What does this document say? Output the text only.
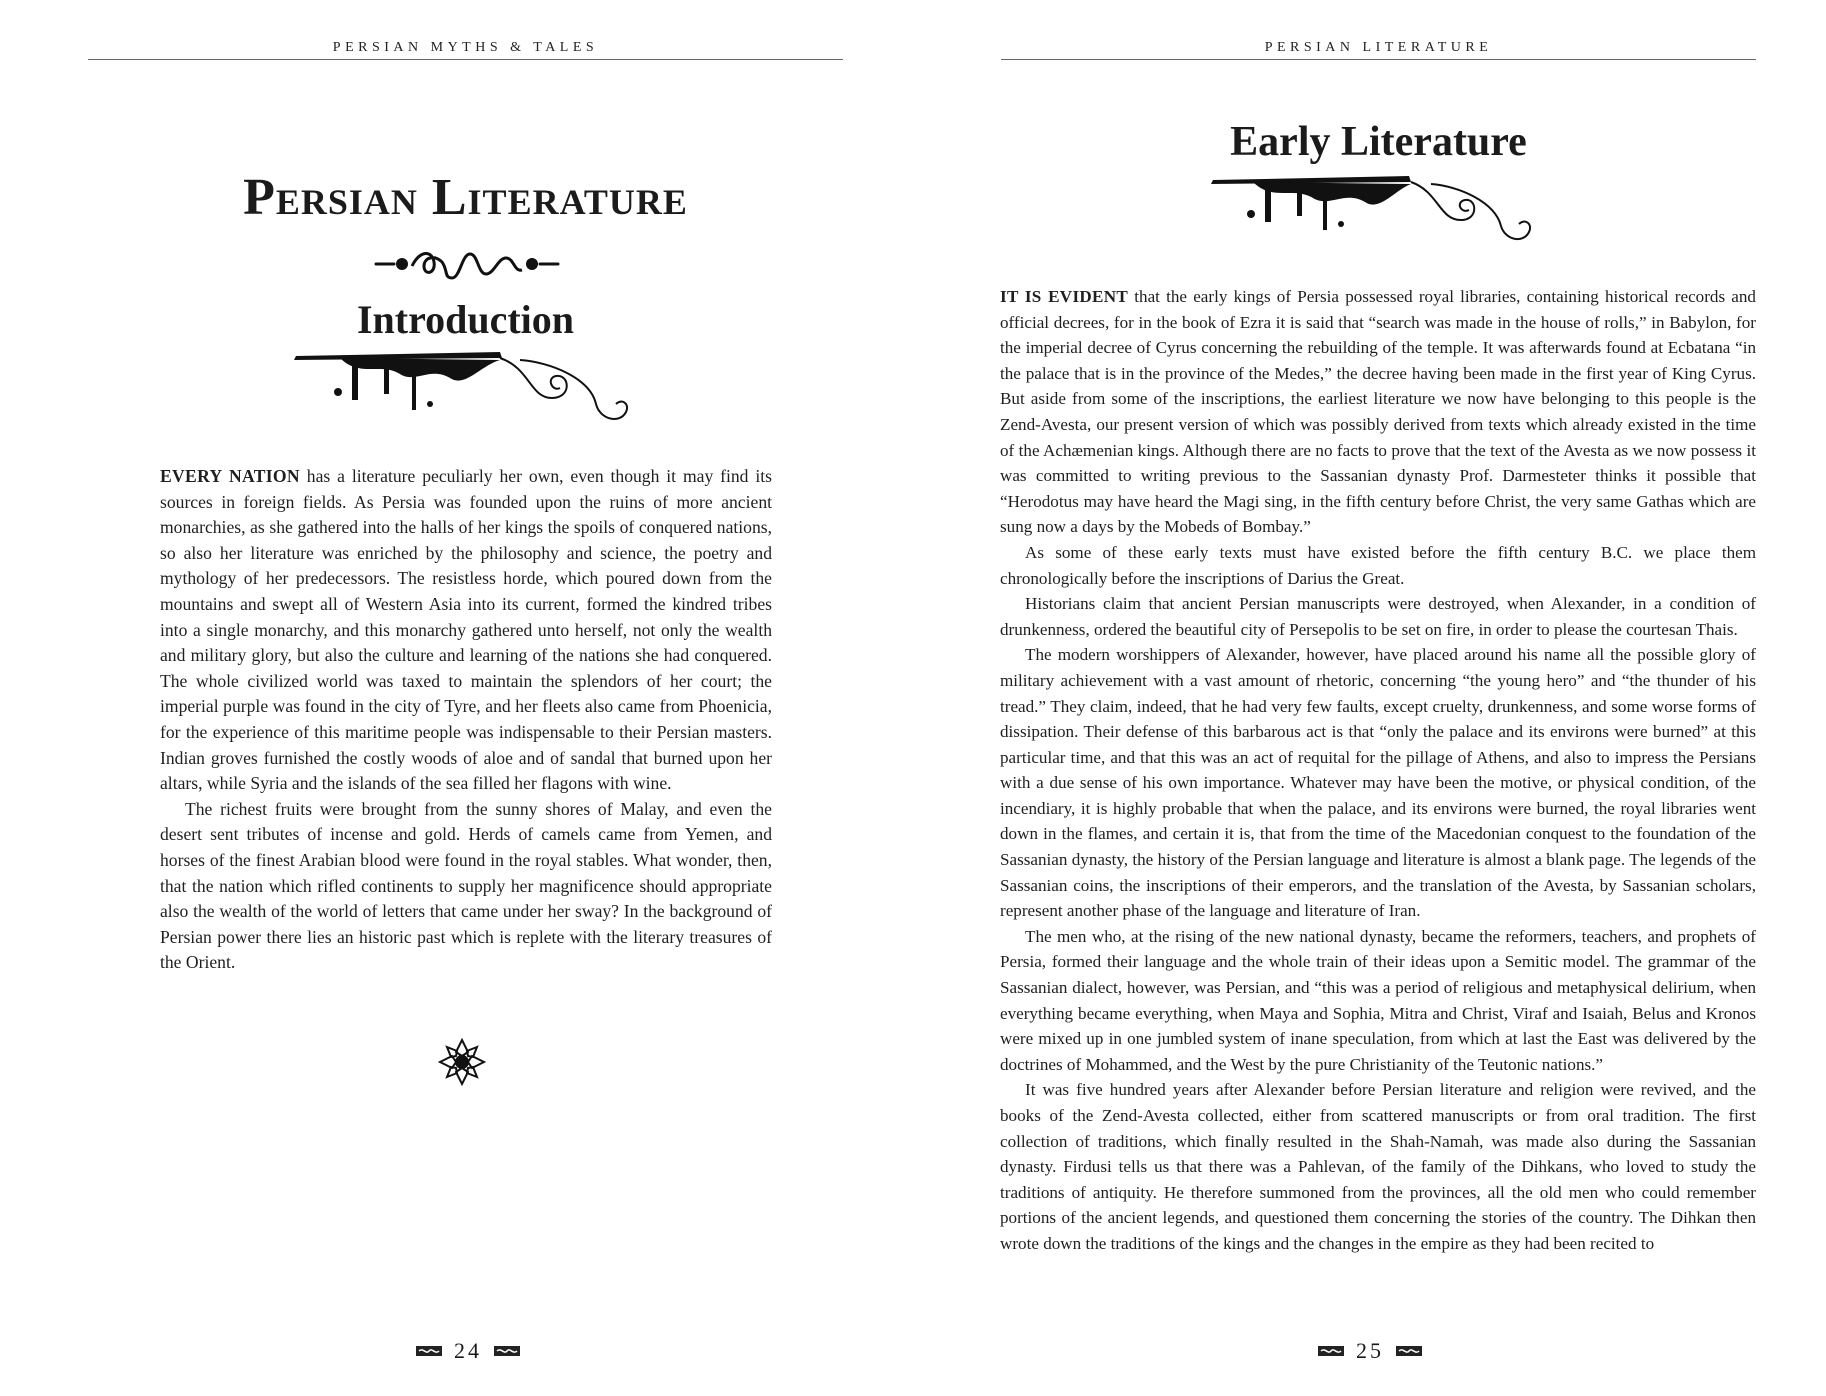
PERSIAN MYTHS & TALES
Persian Literature
Introduction

EVERY NATION has a literature peculiarly her own, even though it may find its sources in foreign fields. As Persia was founded upon the ruins of more ancient monarchies, as she gathered into the halls of her kings the spoils of conquered nations, so also her literature was enriched by the philosophy and science, the poetry and mythology of her predecessors. The resistless horde, which poured down from the mountains and swept all of Western Asia into its current, formed the kindred tribes into a single monarchy, and this monarchy gathered unto herself, not only the wealth and military glory, but also the culture and learning of the nations she had conquered. The whole civilized world was taxed to maintain the splendors of her court; the imperial purple was found in the city of Tyre, and her fleets also came from Phoenicia, for the experience of this maritime people was indispensable to their Persian masters. Indian groves furnished the costly woods of aloe and of sandal that burned upon her altars, while Syria and the islands of the sea filled her flagons with wine.

The richest fruits were brought from the sunny shores of Malay, and even the desert sent tributes of incense and gold. Herds of camels came from Yemen, and horses of the finest Arabian blood were found in the royal stables. What wonder, then, that the nation which rifled continents to supply her magnificence should appropriate also the wealth of the world of letters that came under her sway? In the background of Persian power there lies an historic past which is replete with the literary treasures of the Orient.

24
PERSIAN LITERATURE
Early Literature

IT IS EVIDENT that the early kings of Persia possessed royal libraries, containing historical records and official decrees, for in the book of Ezra it is said that “search was made in the house of rolls,” in Babylon, for the imperial decree of Cyrus concerning the rebuilding of the temple. It was afterwards found at Ecbatana “in the palace that is in the province of the Medes,” the decree having been made in the first year of King Cyrus. But aside from some of the inscriptions, the earliest literature we now have belonging to this people is the Zend-Avesta, our present version of which was possibly derived from texts which already existed in the time of the Achæmenian kings. Although there are no facts to prove that the text of the Avesta as we now possess it was committed to writing previous to the Sassanian dynasty Prof. Darmesteter thinks it possible that “Herodotus may have heard the Magi sing, in the fifth century before Christ, the very same Gathas which are sung now a days by the Mobeds of Bombay.”

As some of these early texts must have existed before the fifth century B.C. we place them chronologically before the inscriptions of Darius the Great.

Historians claim that ancient Persian manuscripts were destroyed, when Alexander, in a condition of drunkenness, ordered the beautiful city of Persepolis to be set on fire, in order to please the courtesan Thais.

The modern worshippers of Alexander, however, have placed around his name all the possible glory of military achievement with a vast amount of rhetoric, concerning “the young hero” and “the thunder of his tread.” They claim, indeed, that he had very few faults, except cruelty, drunkenness, and some worse forms of dissipation. Their defense of this barbarous act is that “only the palace and its environs were burned” at this particular time, and that this was an act of requital for the pillage of Athens, and also to impress the Persians with a due sense of his own importance. Whatever may have been the motive, or physical condition, of the incendiary, it is highly probable that when the palace, and its environs were burned, the royal libraries went down in the flames, and certain it is, that from the time of the Macedonian conquest to the foundation of the Sassanian dynasty, the history of the Persian language and literature is almost a blank page. The legends of the Sassanian coins, the inscriptions of their emperors, and the translation of the Avesta, by Sassanian scholars, represent another phase of the language and literature of Iran.

The men who, at the rising of the new national dynasty, became the reformers, teachers, and prophets of Persia, formed their language and the whole train of their ideas upon a Semitic model. The grammar of the Sassanian dialect, however, was Persian, and “this was a period of religious and metaphysical delirium, when everything became everything, when Maya and Sophia, Mitra and Christ, Viraf and Isaiah, Belus and Kronos were mixed up in one jumbled system of inane speculation, from which at last the East was delivered by the doctrines of Mohammed, and the West by the pure Christianity of the Teutonic nations.”

It was five hundred years after Alexander before Persian literature and religion were revived, and the books of the Zend-Avesta collected, either from scattered manuscripts or from oral tradition. The first collection of traditions, which finally resulted in the Shah-Namah, was made also during the Sassanian dynasty. Firdusi tells us that there was a Pahlevan, of the family of the Dihkans, who loved to study the traditions of antiquity. He therefore summoned from the provinces, all the old men who could remember portions of the ancient legends, and questioned them concerning the stories of the country. The Dihkan then wrote down the traditions of the kings and the changes in the empire as they had been recited to

25
